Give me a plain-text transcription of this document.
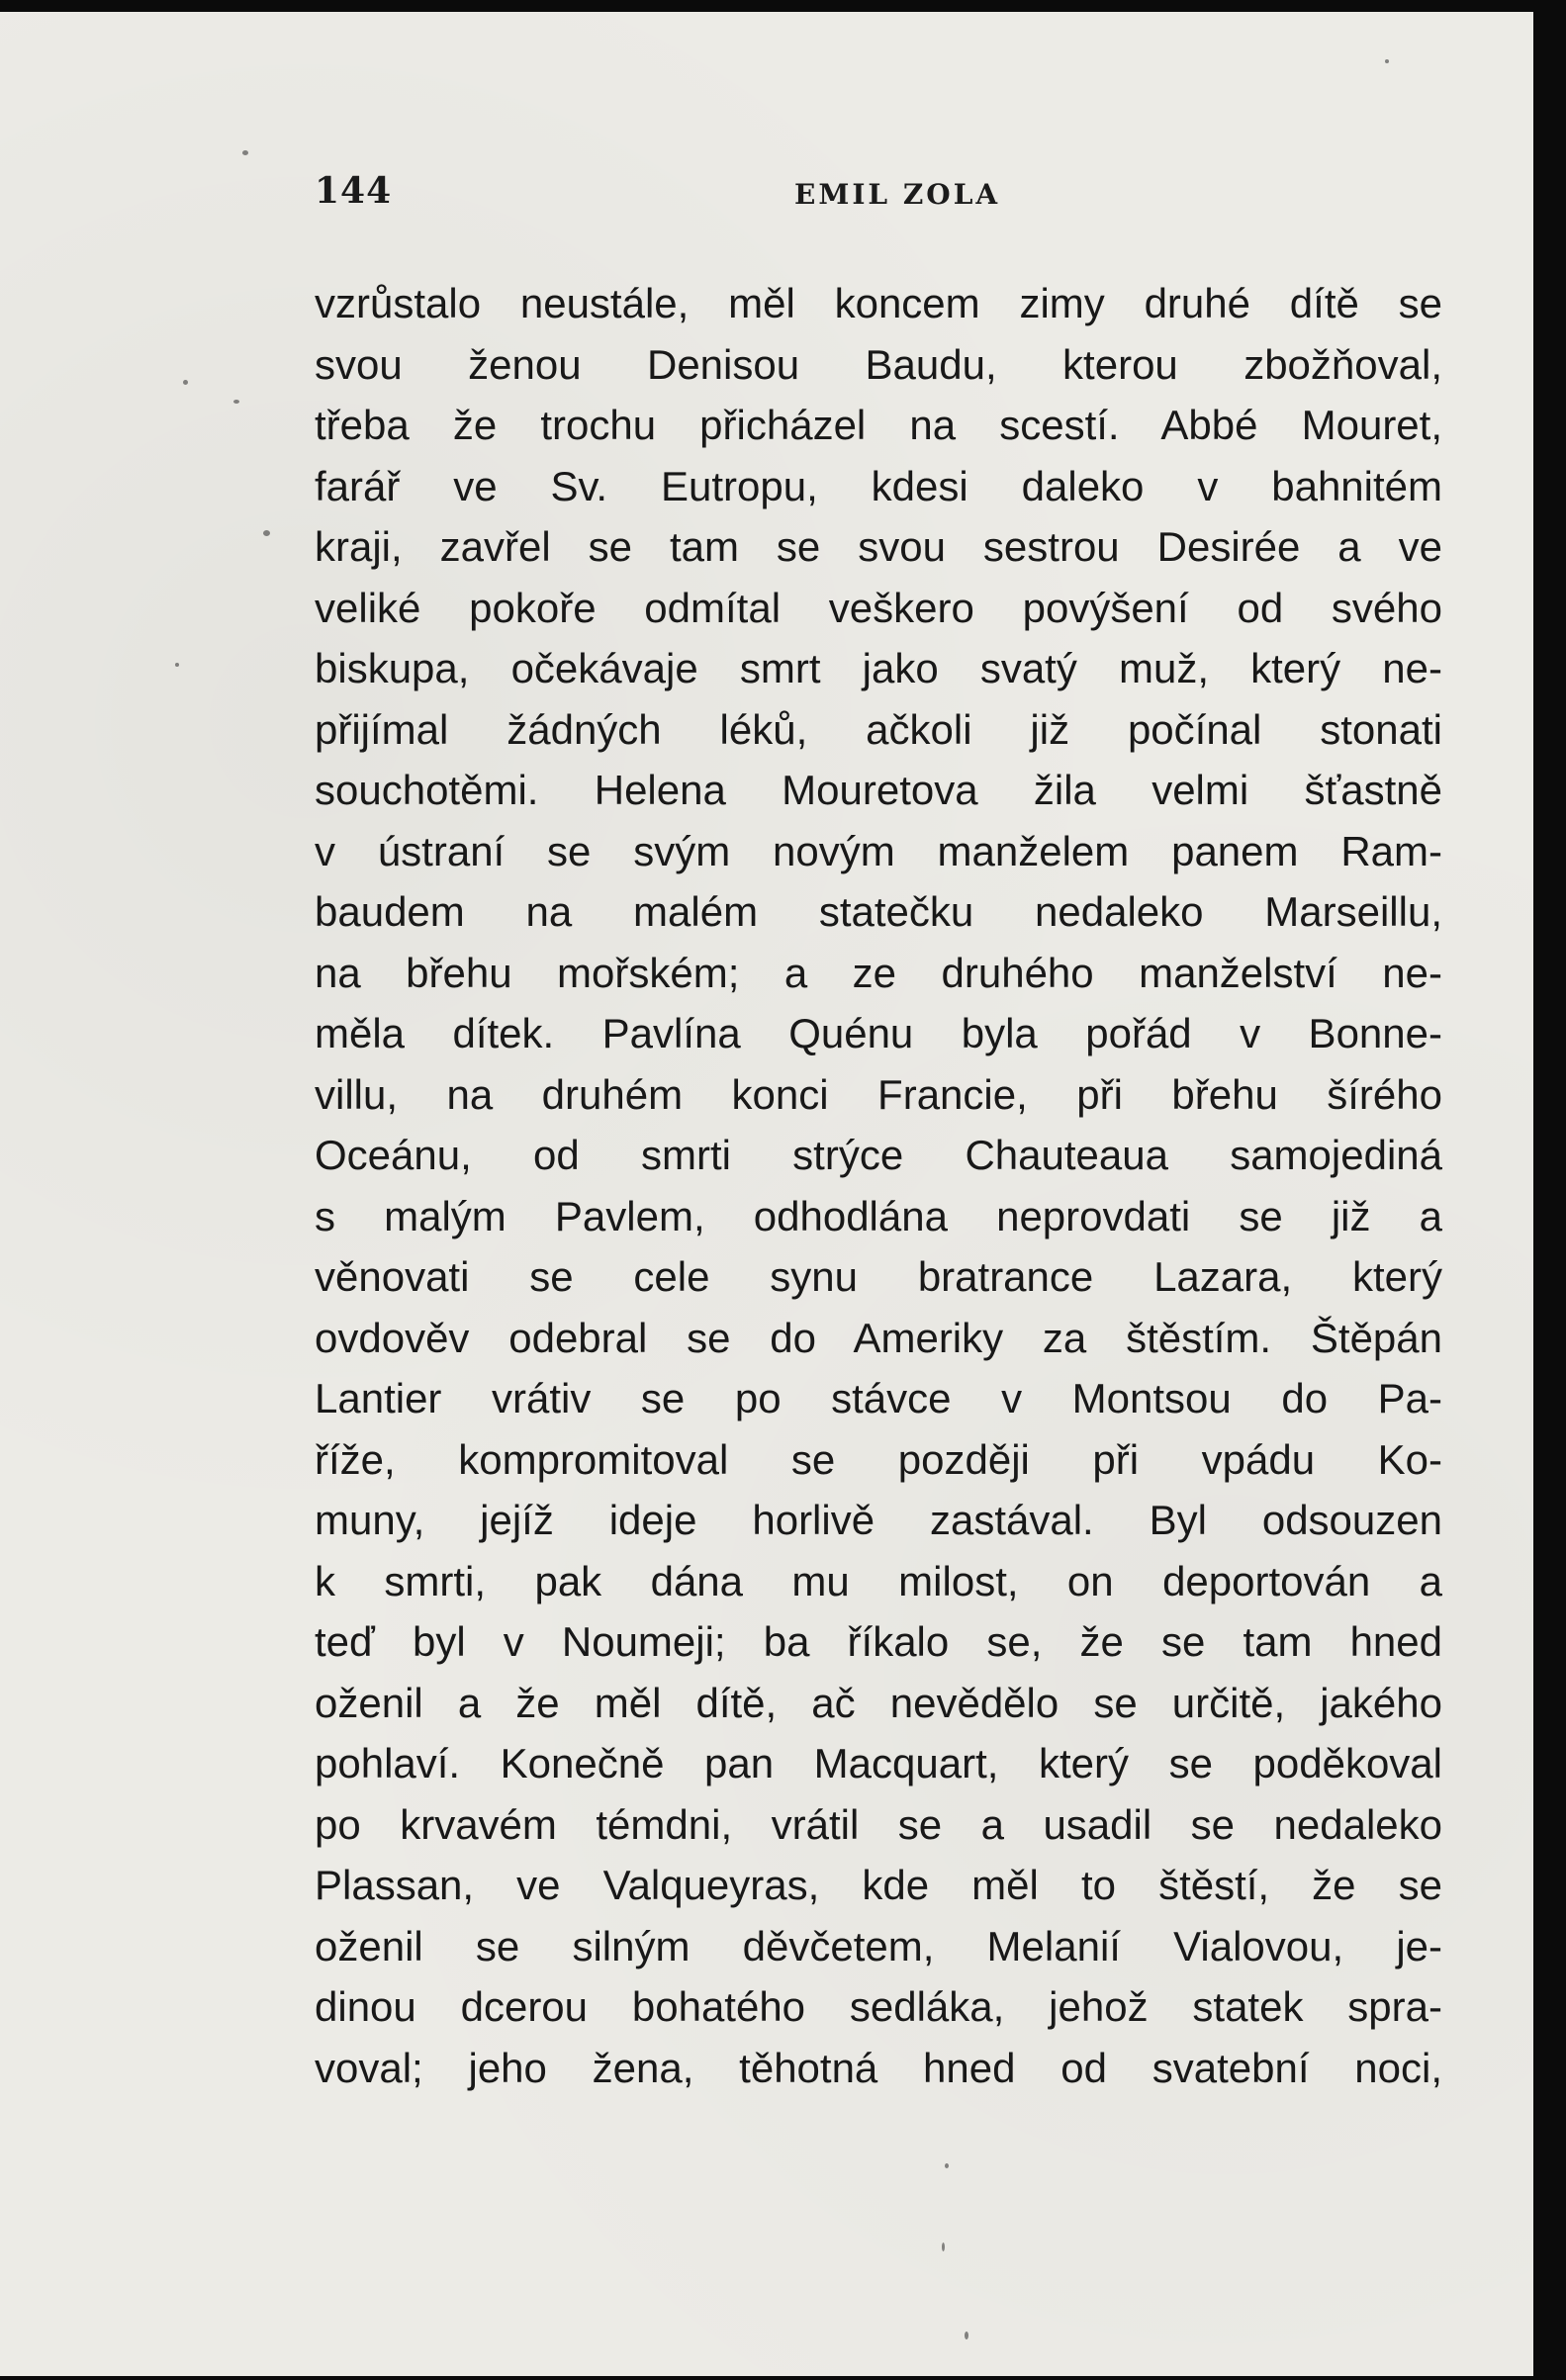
144	EMIL ZOLA
vzrůstalo neustále, měl koncem zimy druhé dítě se
svou ženou Denisou Baudu, kterou zbožňoval,
třeba že trochu přicházel na scestí. Abbé Mouret,
farář ve Sv. Eutropu, kdesi daleko v bahnitém
kraji, zavřel se tam se svou sestrou Desirée a ve
veliké pokoře odmítal veškero povýšení od svého
biskupa, očekávaje smrt jako svatý muž, který ne-
přijímal žádných léků, ačkoli již počínal stonati
souchotěmi. Helena Mouretova žila velmi šťastně
v ústraní se svým novým manželem panem Ram-
baudem na malém statečku nedaleko Marseillu,
na břehu mořském; a ze druhého manželství ne-
měla dítek. Pavlína Quénu byla pořád v Bonne-
villu, na druhém konci Francie, při břehu šírého
Oceánu, od smrti strýce Chauteaua samojediná
s malým Pavlem, odhodlána neprovdati se již a
věnovati se cele synu bratrance Lazara, který
ovdověv odebral se do Ameriky za štěstím. Štěpán
Lantier vrátiv se po stávce v Montsou do Pa-
říže, kompromitoval se později při vpádu Ko-
muny, jejíž ideje horlivě zastával. Byl odsouzen
k smrti, pak dána mu milost, on deportován a
teď byl v Noumeji; ba říkalo se, že se tam hned
oženil a že měl dítě, ač nevědělo se určitě, jakého
pohlaví. Konečně pan Macquart, který se poděkoval
po krvavém témdni, vrátil se a usadil se nedaleko
Plassan, ve Valqueyras, kde měl to štěstí, že se
oženil se silným děvčetem, Melanií Vialovou, je-
dinou dcerou bohatého sedláka, jehož statek spra-
voval; jeho žena, těhotná hned od svatební noci,
